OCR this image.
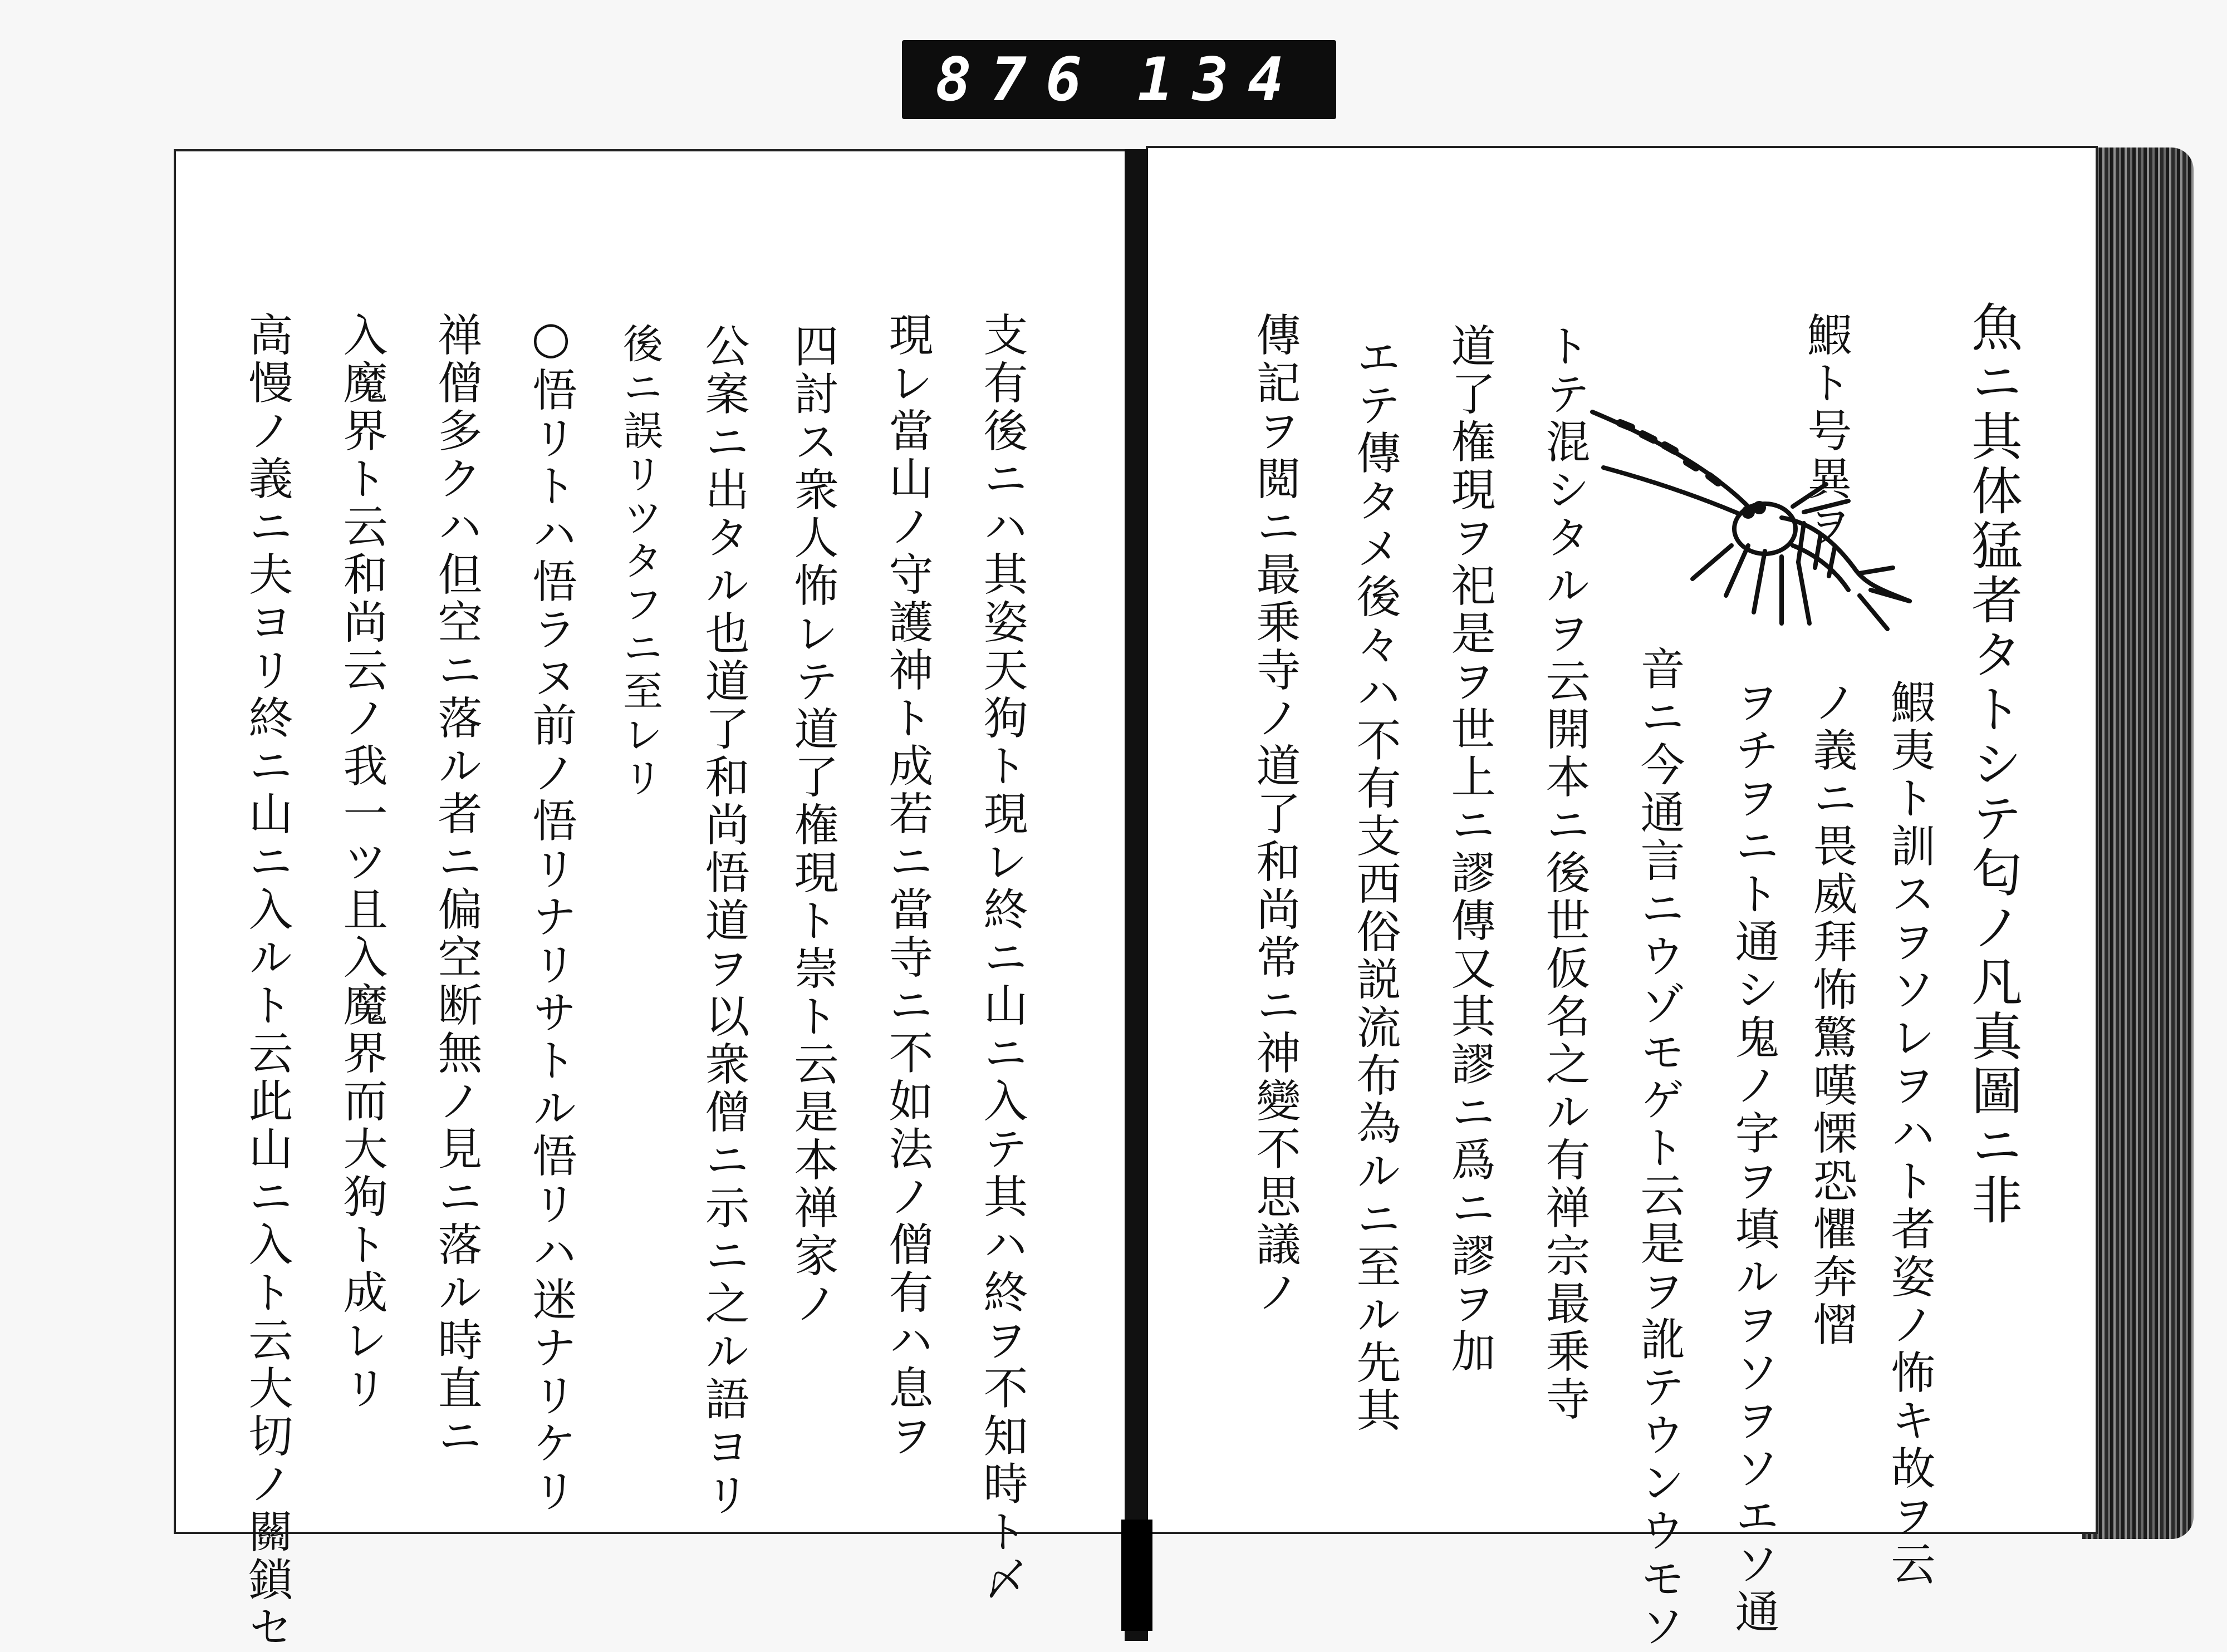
876 134
魚ニ其体猛者タトシテ匂ノ凡真圖ニ非
鰕ト号異ヲ
鰕夷ト訓スヲソレヲハト者姿ノ怖キ故ヲ云
ノ義ニ畏威拜怖驚嘆慄恐懼奔慴
ヲチヲニト通シ鬼ノ字ヲ填ルヲソヲソエソ通
音ニ今通言ニウゾモゲト云是ヲ訛テウンウモソ
トテ混シタルヲ云開本ニ後世仮名之ル有禅宗最乗寺
道了権現ヲ祀是ヲ世上ニ謬傳又其謬ニ爲ニ謬ヲ加
エテ傳タメ後々ハ不有支西俗説流布為ルニ至ル先其
傳記ヲ閲ニ最乗寺ノ道了和尚常ニ神變不思議ノ
支有後ニハ其姿天狗ト現レ終ニ山ニ入テ其ハ終ヲ不知時ト〆
現レ當山ノ守護神ト成若ニ當寺ニ不如法ノ僧有ハ息ヲ
四討ス衆人怖レテ道了権現ト崇ト云是本禅家ノ
公案ニ出タル也道了和尚悟道ヲ以衆僧ニ示ニ之ル語ヨリ
後ニ誤リツタフニ至レリ
○悟リトハ悟ラヌ前ノ悟リナリサトル悟リハ迷ナリケリ
禅僧多クハ但空ニ落ル者ニ偏空断無ノ見ニ落ル時直ニ
入魔界ト云和尚云ノ我一ツ且入魔界而大狗ト成レリ
高慢ノ義ニ夫ヨリ終ニ山ニ入ルト云此山ニ入ト云大切ノ關鎖セ
